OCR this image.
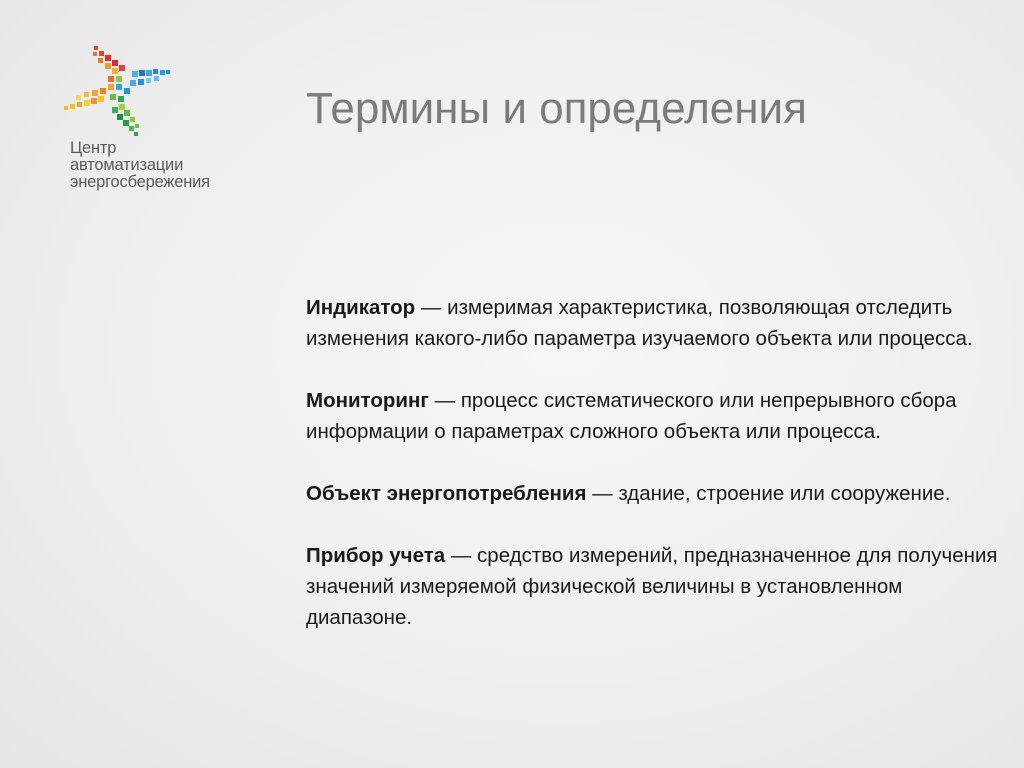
Центр
автоматизации
энергосбережения
Термины и определения

Индикатор — измеримая характеристика, позволяющая отследить изменения какого-либо параметра изучаемого объекта или процесса.

Мониторинг — процесс систематического или непрерывного сбора информации о параметрах сложного объекта или процесса.

Объект энергопотребления — здание, строение или сооружение.

Прибор учета — средство измерений, предназначенное для получения значений измеряемой физической величины в установленном диапазоне.
